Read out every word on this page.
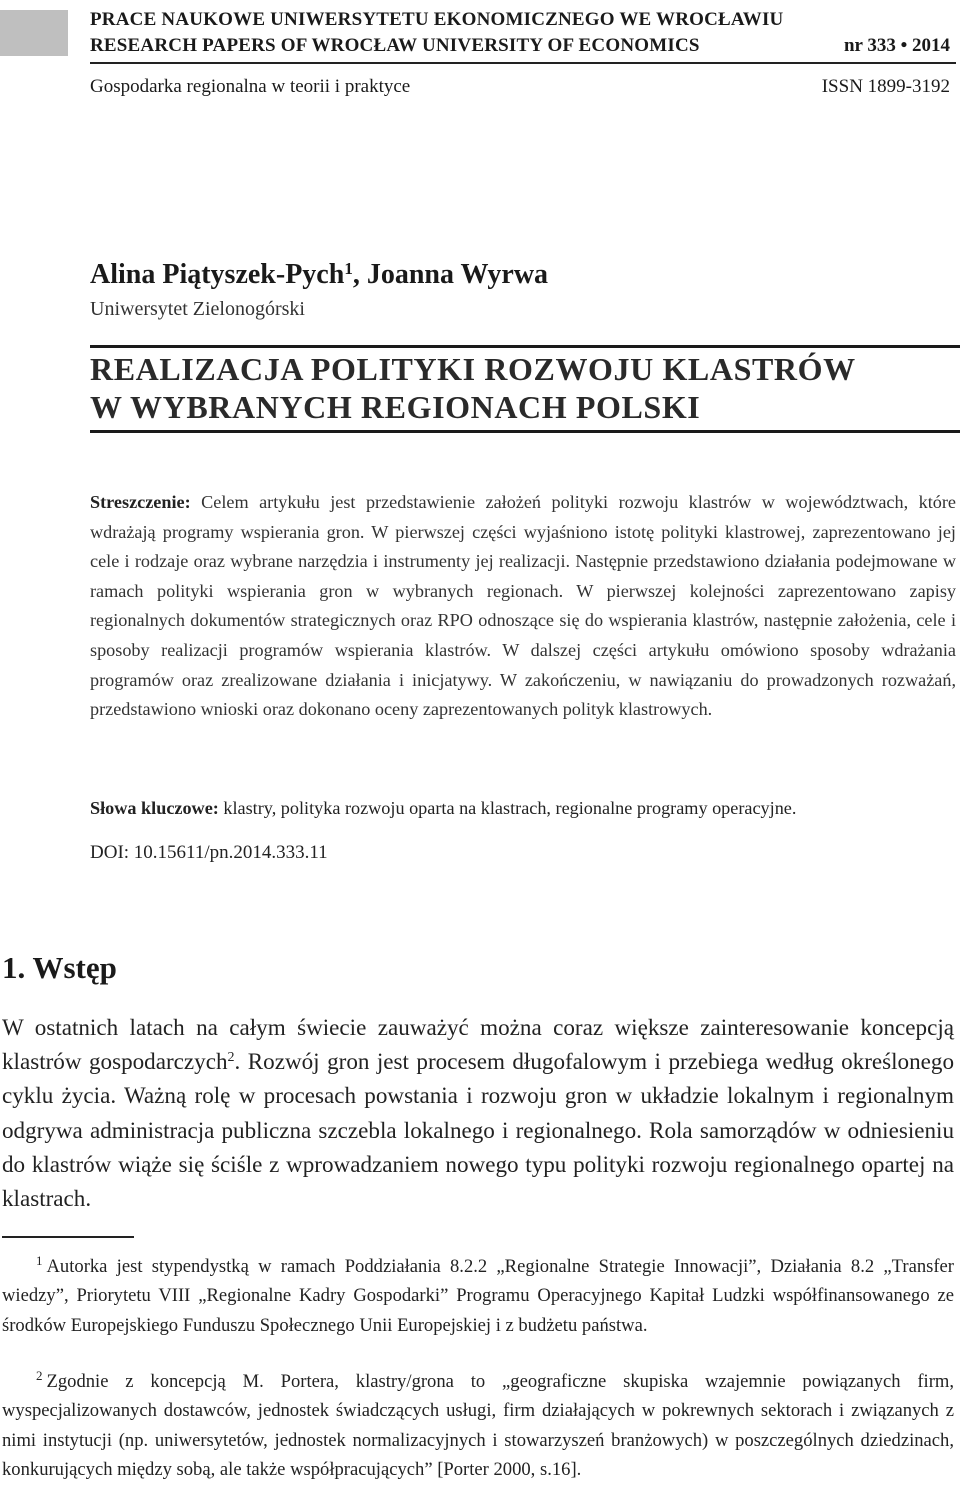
PRACE NAUKOWE UNIWERSYTETU EKONOMICZNEGO WE WROCŁAWIU
RESEARCH PAPERS OF WROCŁAW UNIVERSITY OF ECONOMICS	nr 333 • 2014
Gospodarka regionalna w teorii i praktyce	ISSN 1899-3192
Alina Piątyszek-Pych$^1$, Joanna Wyrwa
Uniwersytet Zielonogórski
REALIZACJA POLITYKI ROZWOJU KLASTRÓW
W WYBRANYCH REGIONACH POLSKI
Streszczenie: Celem artykułu jest przedstawienie założeń polityki rozwoju klastrów w województwach, które wdrażają programy wspierania gron. W pierwszej części wyjaśniono istotę polityki klastrowej, zaprezentowano jej cele i rodzaje oraz wybrane narzędzia i instrumenty jej realizacji. Następnie przedstawiono działania podejmowane w ramach polityki wspierania gron w wybranych regionach. W pierwszej kolejności zaprezentowano zapisy regionalnych dokumentów strategicznych oraz RPO odnoszące się do wspierania klastrów, następnie założenia, cele i sposoby realizacji programów wspierania klastrów. W dalszej części artykułu omówiono sposoby wdrażania programów oraz zrealizowane działania i inicjatywy. W zakończeniu, w nawiązaniu do prowadzonych rozważań, przedstawiono wnioski oraz dokonano oceny zaprezentowanych polityk klastrowych.
Słowa kluczowe: klastry, polityka rozwoju oparta na klastrach, regionalne programy operacyjne.
DOI: 10.15611/pn.2014.333.11
1. Wstęp
W ostatnich latach na całym świecie zauważyć można coraz większe zainteresowanie koncepcją klastrów gospodarczych$^2$. Rozwój gron jest procesem długofalowym i przebiega według określonego cyklu życia. Ważną rolę w procesach powstania i rozwoju gron w układzie lokalnym i regionalnym odgrywa administracja publiczna szczebla lokalnego i regionalnego. Rola samorządów w odniesieniu do klastrów wiąże się ściśle z wprowadzaniem nowego typu polityki rozwoju regionalnego opartej na klastrach.
$^1$ Autorka jest stypendystką w ramach Poddziałania 8.2.2 „Regionalne Strategie Innowacji”, Działania 8.2 „Transfer wiedzy”, Priorytetu VIII „Regionalne Kadry Gospodarki” Programu Operacyjnego Kapitał Ludzki współfinansowanego ze środków Europejskiego Funduszu Społecznego Unii Europejskiej i z budżetu państwa.
$^2$ Zgodnie z koncepcją M. Portera, klastry/grona to „geograficzne skupiska wzajemnie powiązanych firm, wyspecjalizowanych dostawców, jednostek świadczących usługi, firm działających w pokrewnych sektorach i związanych z nimi instytucji (np. uniwersytetów, jednostek normalizacyjnych i stowarzyszeń branżowych) w poszczególnych dziedzinach, konkurujących między sobą, ale także współpracujących” [Porter 2000, s.16].
